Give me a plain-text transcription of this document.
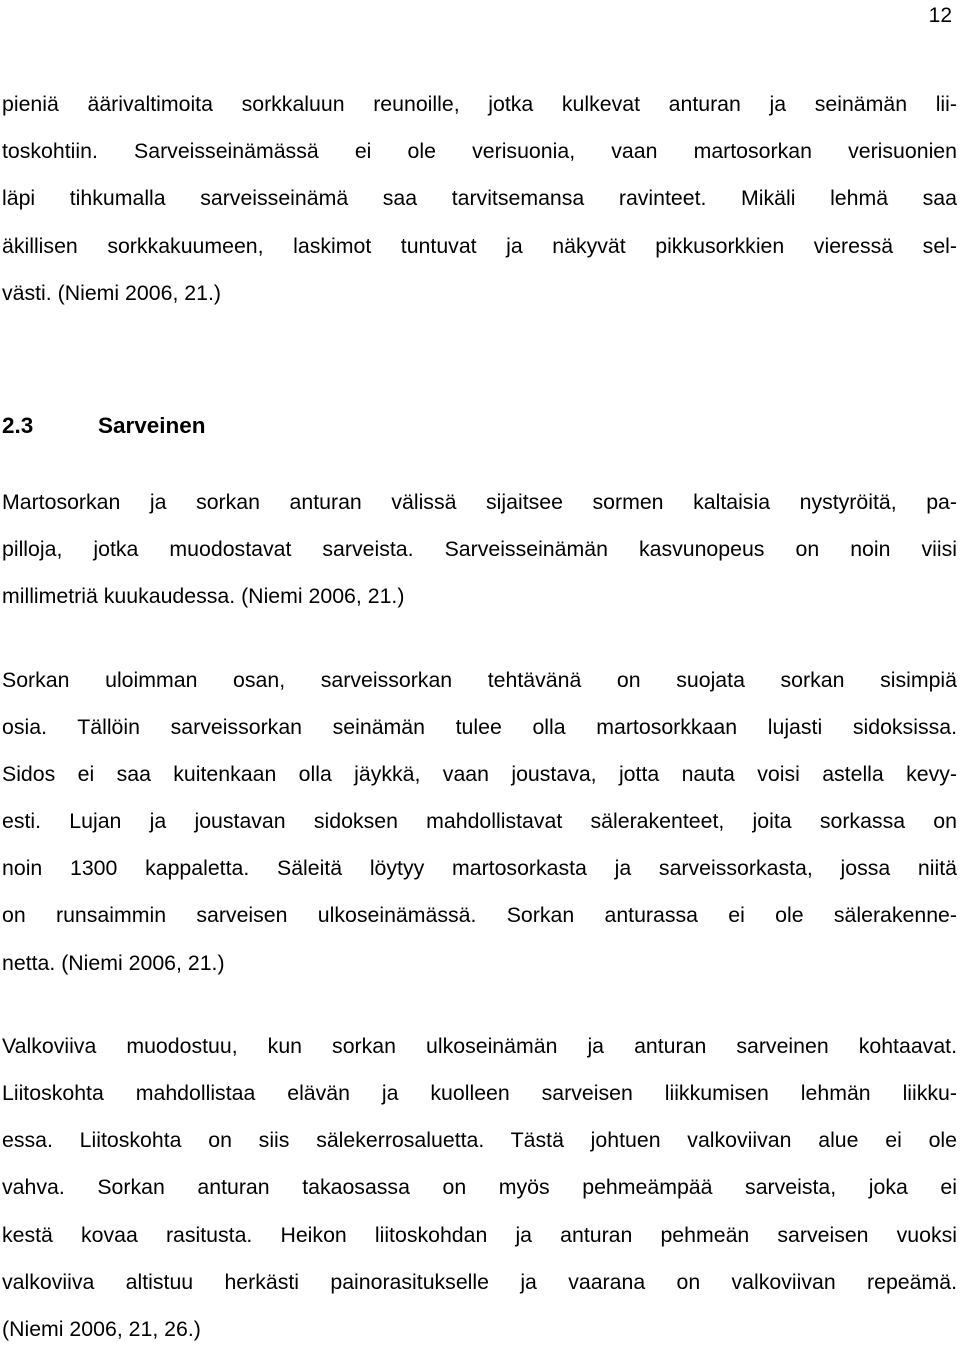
12
pieniä äärivaltimoita sorkkaluun reunoille, jotka kulkevat anturan ja seinämän lii-
toskohtiin. Sarveisseinämässä ei ole verisuonia, vaan martosorkan verisuonien
läpi tihkumalla sarveisseinämä saa tarvitsemansa ravinteet. Mikäli lehmä saa
äkillisen sorkkakuumeen, laskimot tuntuvat ja näkyvät pikkusorkkien vieressä sel-
västi. (Niemi 2006, 21.)
2.3	Sarveinen
Martosorkan ja sorkan anturan välissä sijaitsee sormen kaltaisia nystyröitä, pa-
pilloja, jotka muodostavat sarveista. Sarveisseinämän kasvunopeus on noin viisi
millimetriä kuukaudessa. (Niemi 2006, 21.)
Sorkan uloimman osan, sarveissorkan tehtävänä on suojata sorkan sisimpiä
osia. Tällöin sarveissorkan seinämän tulee olla martosorkkaan lujasti sidoksissa.
Sidos ei saa kuitenkaan olla jäykkä, vaan joustava, jotta nauta voisi astella kevy-
esti. Lujan ja joustavan sidoksen mahdollistavat sälerakenteet, joita sorkassa on
noin 1300 kappaletta. Säleitä löytyy martosorkasta ja sarveissorkasta, jossa niitä
on runsaimmin sarveisen ulkoseinämässä. Sorkan anturassa ei ole sälerakenne-
netta. (Niemi 2006, 21.)
Valkoviiva muodostuu, kun sorkan ulkoseinämän ja anturan sarveinen kohtaavat.
Liitoskohta mahdollistaa elävän ja kuolleen sarveisen liikkumisen lehmän liikku-
essa. Liitoskohta on siis sälekerrosaluetta. Tästä johtuen valkoviivan alue ei ole
vahva. Sorkan anturan takaosassa on myös pehmeämpää sarveista, joka ei
kestä kovaa rasitusta. Heikon liitoskohdan ja anturan pehmeän sarveisen vuoksi
valkoviiva altistuu herkästi painorasitukselle ja vaarana on valkoviivan repeämä.
(Niemi 2006, 21, 26.)
